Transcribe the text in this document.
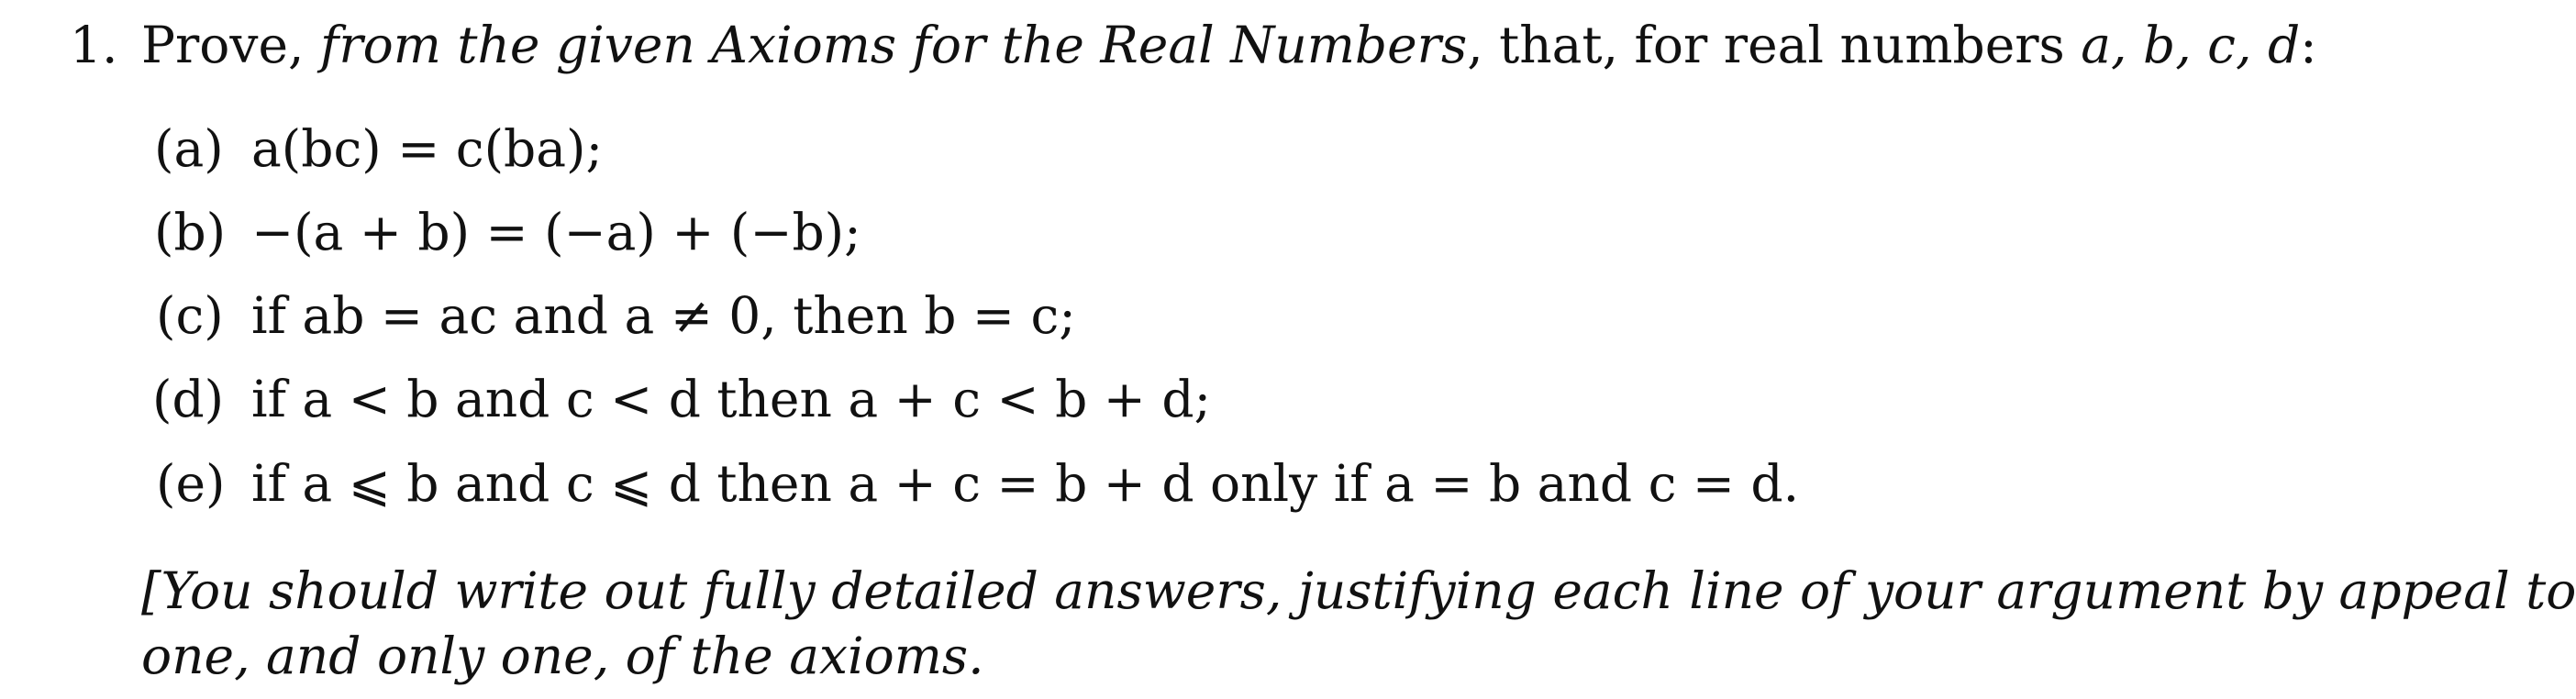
1. Prove, from the given Axioms for the Real Numbers, that, for real numbers a, b, c, d:
(a) a(bc) = c(ba);
(b) −(a + b) = (−a) + (−b);
(c) if ab = ac and a ≠ 0, then b = c;
(d) if a < b and c < d then a + c < b + d;
(e) if a ⩽ b and c ⩽ d then a + c = b + d only if a = b and c = d.
[You should write out fully detailed answers, justifying each line of your argument by appeal to
one, and only one, of the axioms.
